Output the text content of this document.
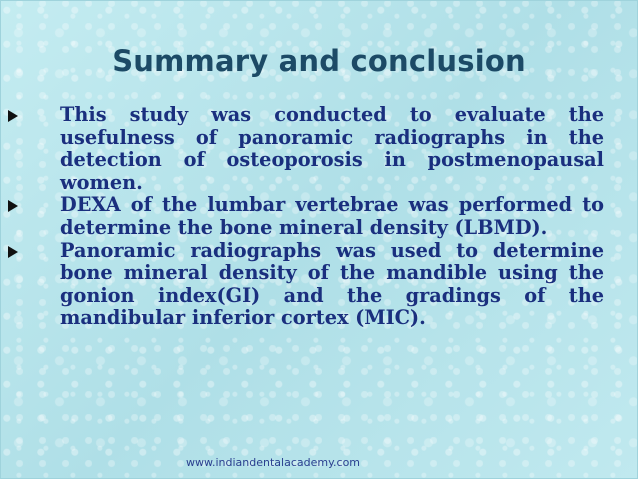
Summary and conclusion
This study was conducted to evaluate the usefulness of panoramic radiographs in the detection of osteoporosis in postmenopausal women.
DEXA of the lumbar vertebrae was performed to determine the bone mineral density (LBMD).
Panoramic radiographs was used to determine bone mineral density of the mandible using the gonion index(GI) and the gradings of the mandibular inferior cortex (MIC).
www.indiandentalacademy.com
